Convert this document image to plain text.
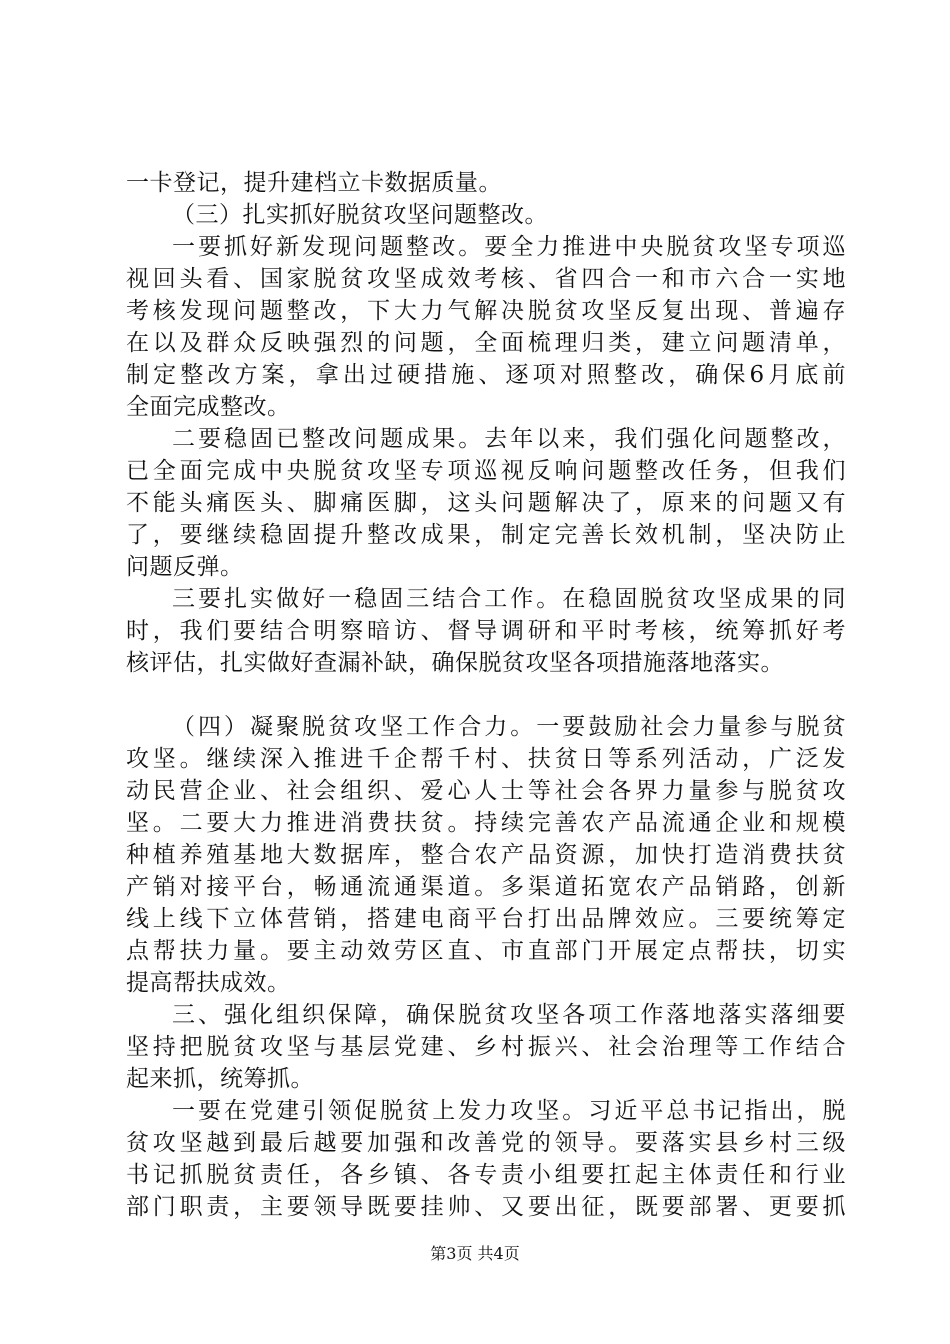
一卡登记，提升建档立卡数据质量。
（三）扎实抓好脱贫攻坚问题整改。
一要抓好新发现问题整改。要全力推进中央脱贫攻坚专项巡
视回头看、国家脱贫攻坚成效考核、省四合一和市六合一实地
考核发现问题整改，下大力气解决脱贫攻坚反复出现、普遍存
在以及群众反映强烈的问题，全面梳理归类，建立问题清单，
制定整改方案，拿出过硬措施、逐项对照整改，确保6月底前
全面完成整改。
二要稳固已整改问题成果。去年以来，我们强化问题整改，
已全面完成中央脱贫攻坚专项巡视反响问题整改任务，但我们
不能头痛医头、脚痛医脚，这头问题解决了，原来的问题又有
了，要继续稳固提升整改成果，制定完善长效机制，坚决防止
问题反弹。
三要扎实做好一稳固三结合工作。在稳固脱贫攻坚成果的同
时，我们要结合明察暗访、督导调研和平时考核，统筹抓好考
核评估，扎实做好查漏补缺，确保脱贫攻坚各项措施落地落实。
（四）凝聚脱贫攻坚工作合力。一要鼓励社会力量参与脱贫
攻坚。继续深入推进千企帮千村、扶贫日等系列活动，广泛发
动民营企业、社会组织、爱心人士等社会各界力量参与脱贫攻
坚。二要大力推进消费扶贫。持续完善农产品流通企业和规模
种植养殖基地大数据库，整合农产品资源，加快打造消费扶贫
产销对接平台，畅通流通渠道。多渠道拓宽农产品销路，创新
线上线下立体营销，搭建电商平台打出品牌效应。三要统筹定
点帮扶力量。要主动效劳区直、市直部门开展定点帮扶，切实
提高帮扶成效。
三、强化组织保障，确保脱贫攻坚各项工作落地落实落细要
坚持把脱贫攻坚与基层党建、乡村振兴、社会治理等工作结合
起来抓，统筹抓。
一要在党建引领促脱贫上发力攻坚。习近平总书记指出，脱
贫攻坚越到最后越要加强和改善党的领导。要落实县乡村三级
书记抓脱贫责任，各乡镇、各专责小组要扛起主体责任和行业
部门职责，主要领导既要挂帅、又要出征，既要部署、更要抓
第3页 共4页
